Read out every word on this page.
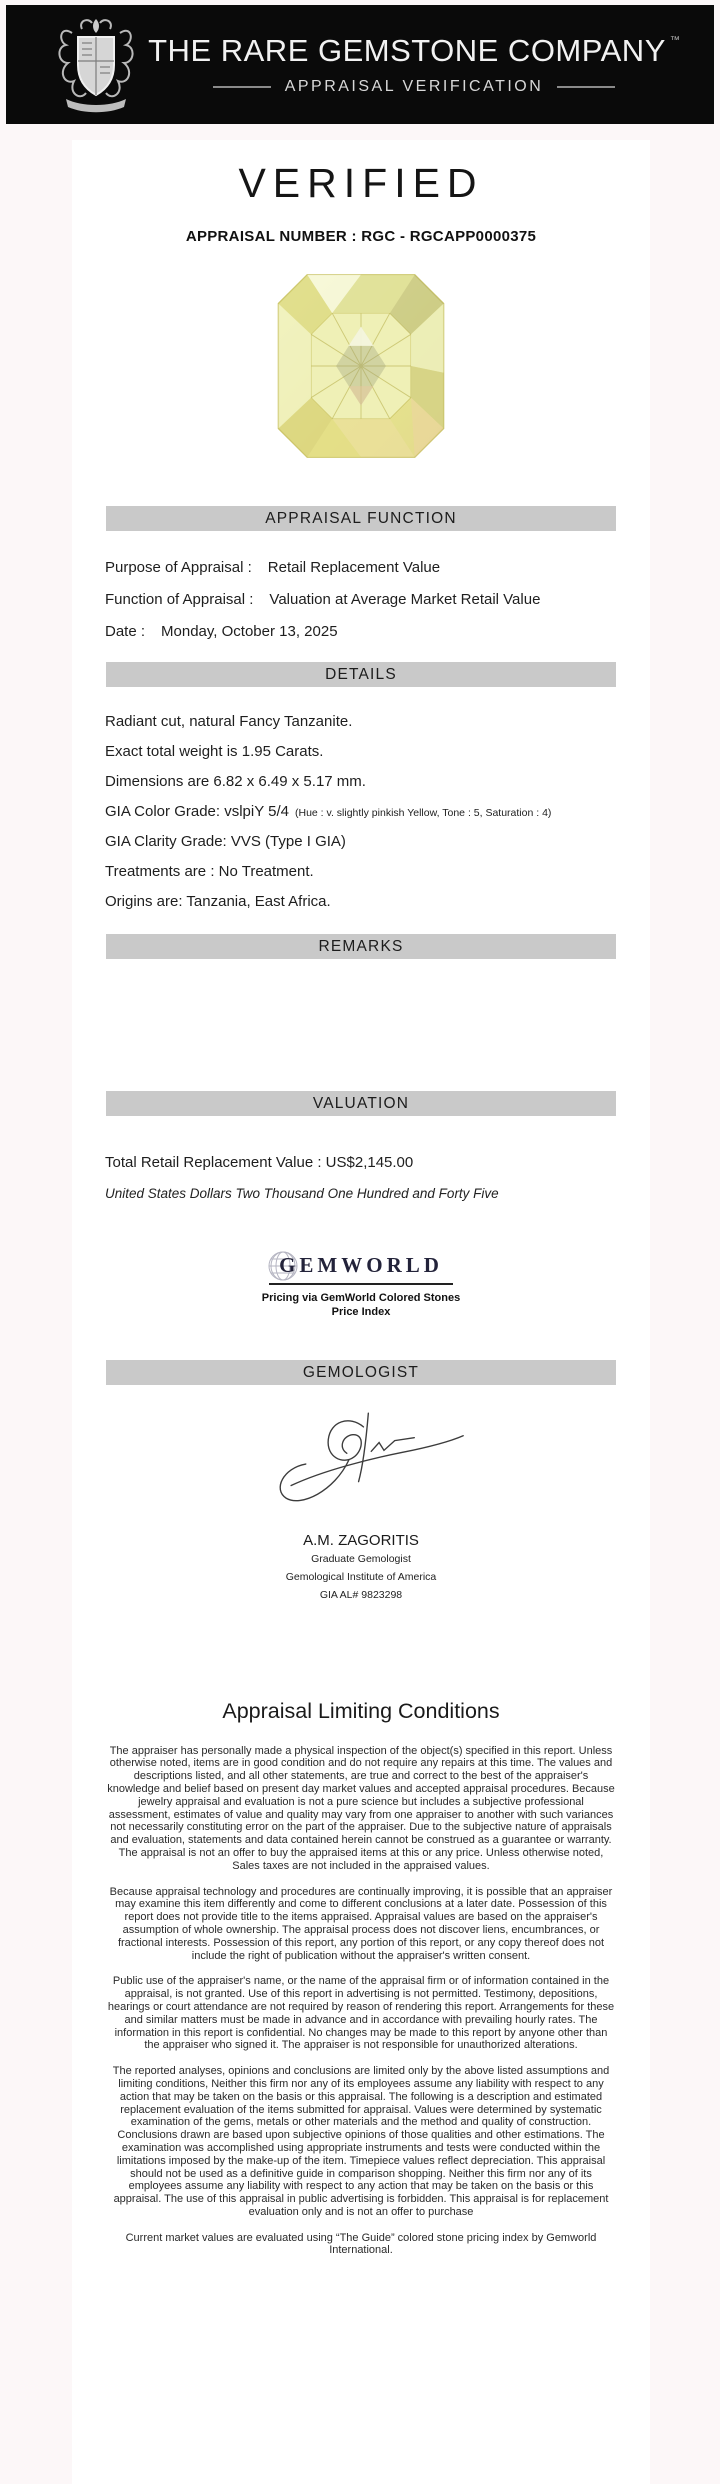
THE RARE GEMSTONE COMPANY ™
APPRAISAL VERIFICATION
VERIFIED
APPRAISAL NUMBER : RGC - RGCAPP0000375
APPRAISAL FUNCTION
Purpose of Appraisal : Retail Replacement Value
Function of Appraisal : Valuation at Average Market Retail Value
Date : Monday, October 13, 2025
DETAILS
Radiant cut, natural Fancy Tanzanite.
Exact total weight is 1.95 Carats.
Dimensions are 6.82 x 6.49 x 5.17 mm.
GIA Color Grade: vslpiY 5/4 (Hue : v. slightly pinkish Yellow, Tone : 5, Saturation : 4)
GIA Clarity Grade: VVS (Type I GIA)
Treatments are : No Treatment.
Origins are: Tanzania, East Africa.
REMARKS
VALUATION
Total Retail Replacement Value : US$2,145.00
United States Dollars Two Thousand One Hundred and Forty Five
GEMWORLD
Pricing via GemWorld Colored Stones Price Index
GEMOLOGIST
A.M. ZAGORITIS
Graduate Gemologist
Gemological Institute of America
GIA AL# 9823298
Appraisal Limiting Conditions

The appraiser has personally made a physical inspection of the object(s) specified in this report. Unless otherwise noted, items are in good condition and do not require any repairs at this time. The values and descriptions listed, and all other statements, are true and correct to the best of the appraiser's knowledge and belief based on present day market values and accepted appraisal procedures. Because jewelry appraisal and evaluation is not a pure science but includes a subjective professional assessment, estimates of value and quality may vary from one appraiser to another with such variances not necessarily constituting error on the part of the appraiser. Due to the subjective nature of appraisals and evaluation, statements and data contained herein cannot be construed as a guarantee or warranty. The appraisal is not an offer to buy the appraised items at this or any price. Unless otherwise noted, Sales taxes are not included in the appraised values.

Because appraisal technology and procedures are continually improving, it is possible that an appraiser may examine this item differently and come to different conclusions at a later date. Possession of this report does not provide title to the items appraised. Appraisal values are based on the appraiser's assumption of whole ownership. The appraisal process does not discover liens, encumbrances, or fractional interests. Possession of this report, any portion of this report, or any copy thereof does not include the right of publication without the appraiser's written consent.

Public use of the appraiser's name, or the name of the appraisal firm or of information contained in the appraisal, is not granted. Use of this report in advertising is not permitted. Testimony, depositions, hearings or court attendance are not required by reason of rendering this report. Arrangements for these and similar matters must be made in advance and in accordance with prevailing hourly rates. The information in this report is confidential. No changes may be made to this report by anyone other than the appraiser who signed it. The appraiser is not responsible for unauthorized alterations.

The reported analyses, opinions and conclusions are limited only by the above listed assumptions and limiting conditions, Neither this firm nor any of its employees assume any liability with respect to any action that may be taken on the basis or this appraisal. The following is a description and estimated replacement evaluation of the items submitted for appraisal. Values were determined by systematic examination of the gems, metals or other materials and the method and quality of construction. Conclusions drawn are based upon subjective opinions of those qualities and other estimations. The examination was accomplished using appropriate instruments and tests were conducted within the limitations imposed by the make-up of the item. Timepiece values reflect depreciation. This appraisal should not be used as a definitive guide in comparison shopping. Neither this firm nor any of its employees assume any liability with respect to any action that may be taken on the basis or this appraisal. The use of this appraisal in public advertising is forbidden. This appraisal is for replacement evaluation only and is not an offer to purchase

Current market values are evaluated using “The Guide” colored stone pricing index by Gemworld International.
